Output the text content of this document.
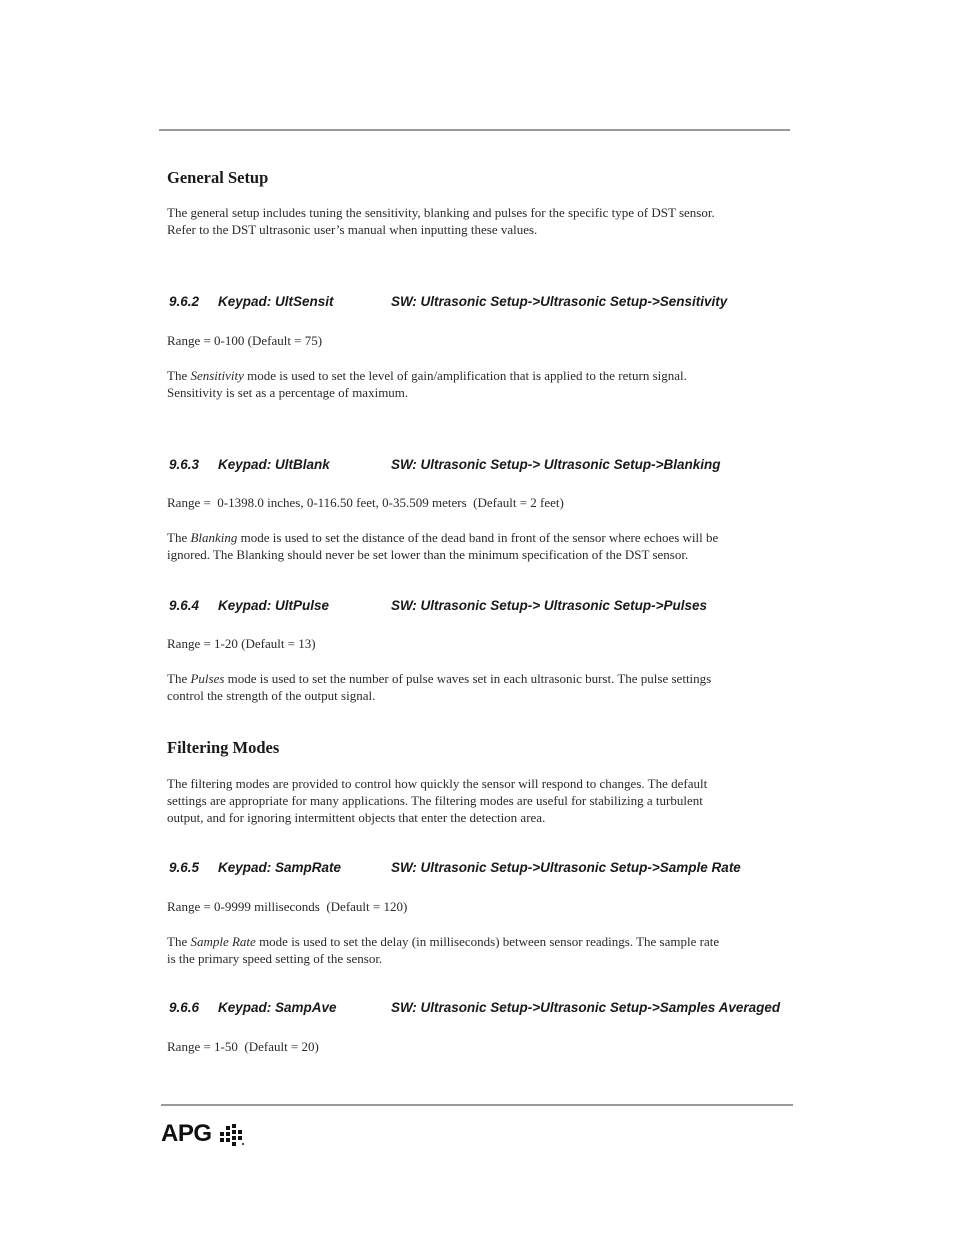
General Setup
The general setup includes tuning the sensitivity, blanking and pulses for the specific type of DST sensor.
Refer to the DST ultrasonic user’s manual when inputting these values.
9.6.2 Keypad: UltSensit	SW: Ultrasonic Setup->Ultrasonic Setup->Sensitivity
Range = 0-100 (Default = 75)
The Sensitivity mode is used to set the level of gain/amplification that is applied to the return signal.
Sensitivity is set as a percentage of maximum.
9.6.3 Keypad: UltBlank	SW: Ultrasonic Setup-> Ultrasonic Setup->Blanking
Range =  0-1398.0 inches, 0-116.50 feet, 0-35.509 meters  (Default = 2 feet)
The Blanking mode is used to set the distance of the dead band in front of the sensor where echoes will be
ignored. The Blanking should never be set lower than the minimum specification of the DST sensor.
9.6.4 Keypad: UltPulse	SW: Ultrasonic Setup-> Ultrasonic Setup->Pulses
Range = 1-20 (Default = 13)
The Pulses mode is used to set the number of pulse waves set in each ultrasonic burst. The pulse settings
control the strength of the output signal.
Filtering Modes
The filtering modes are provided to control how quickly the sensor will respond to changes. The default
settings are appropriate for many applications. The filtering modes are useful for stabilizing a turbulent
output, and for ignoring intermittent objects that enter the detection area.
9.6.5 Keypad: SampRate	SW: Ultrasonic Setup->Ultrasonic Setup->Sample Rate
Range = 0-9999 milliseconds  (Default = 120)
The Sample Rate mode is used to set the delay (in milliseconds) between sensor readings. The sample rate
is the primary speed setting of the sensor.
9.6.6 Keypad: SampAve	SW: Ultrasonic Setup->Ultrasonic Setup->Samples Averaged
Range = 1-50  (Default = 20)
APG
